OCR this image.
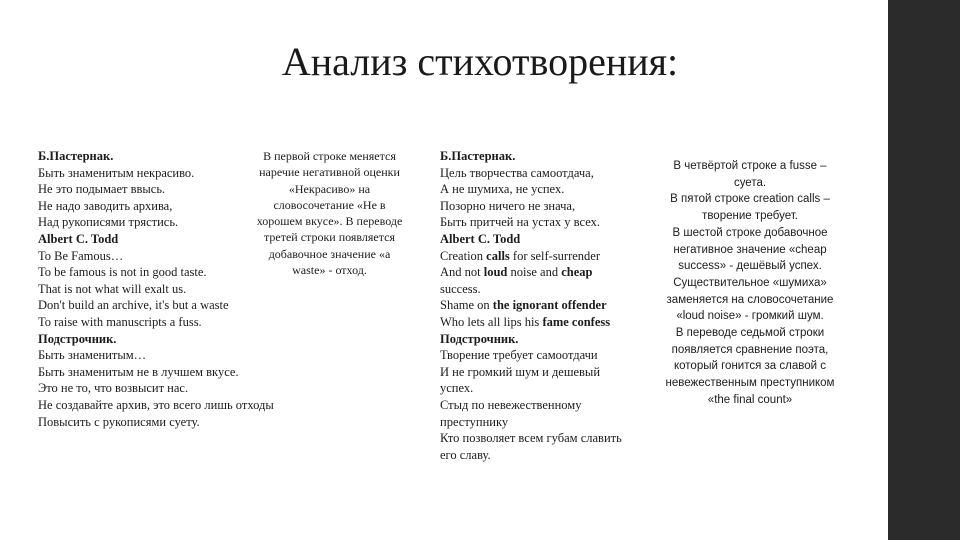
Анализ стихотворения:
Б.Пастернак.
Быть знаменитым некрасиво.
Не это подымает ввысь.
Не надо заводить архива,
Над рукописями трястись.
Albert C. Todd
To Be Famous…
To be famous is not in good taste.
That is not what will exalt us.
Don't build an archive, it's but a waste
To raise with manuscripts a fuss.
Подстрочник.
Быть знаменитым…
Быть знаменитым не в лучшем вкусе.
Это не то, что возвысит нас.
Не создавайте архив, это всего лишь отходы
Повысить с рукописями суету.
В первой строке меняется
наречие негативной оценки
«Некрасиво» на
словосочетание «Не в
хорошем вкусе». В переводе
третей строки появляется
добавочное значение «a
waste» - отход.
Б.Пастернак.
Цель творчества самоотдача,
А не шумиха, не успех.
Позорно ничего не знача,
Быть притчей на устах у всех.
Albert C. Todd
Creation calls for self-surrender
And not loud noise and cheap
success.
Shame on the ignorant offender
Who lets all lips his fame confess
Подстрочник.
Творение требует самоотдачи
И не громкий шум и дешевый
успех.
Стыд по невежественному
преступнику
Кто позволяет всем губам славить
его славу.
В четвёртой строке a fusse –
суета.
В пятой строке creation calls –
творение требует.
В шестой строке добавочное
негативное значение «cheap
success» - дешёвый успех.
Существительное «шумиха»
заменяется на словосочетание
«loud noise» - громкий шум.
В переводе седьмой строки
появляется сравнение поэта,
который гонится за славой с
невежественным преступником
«the final count»
